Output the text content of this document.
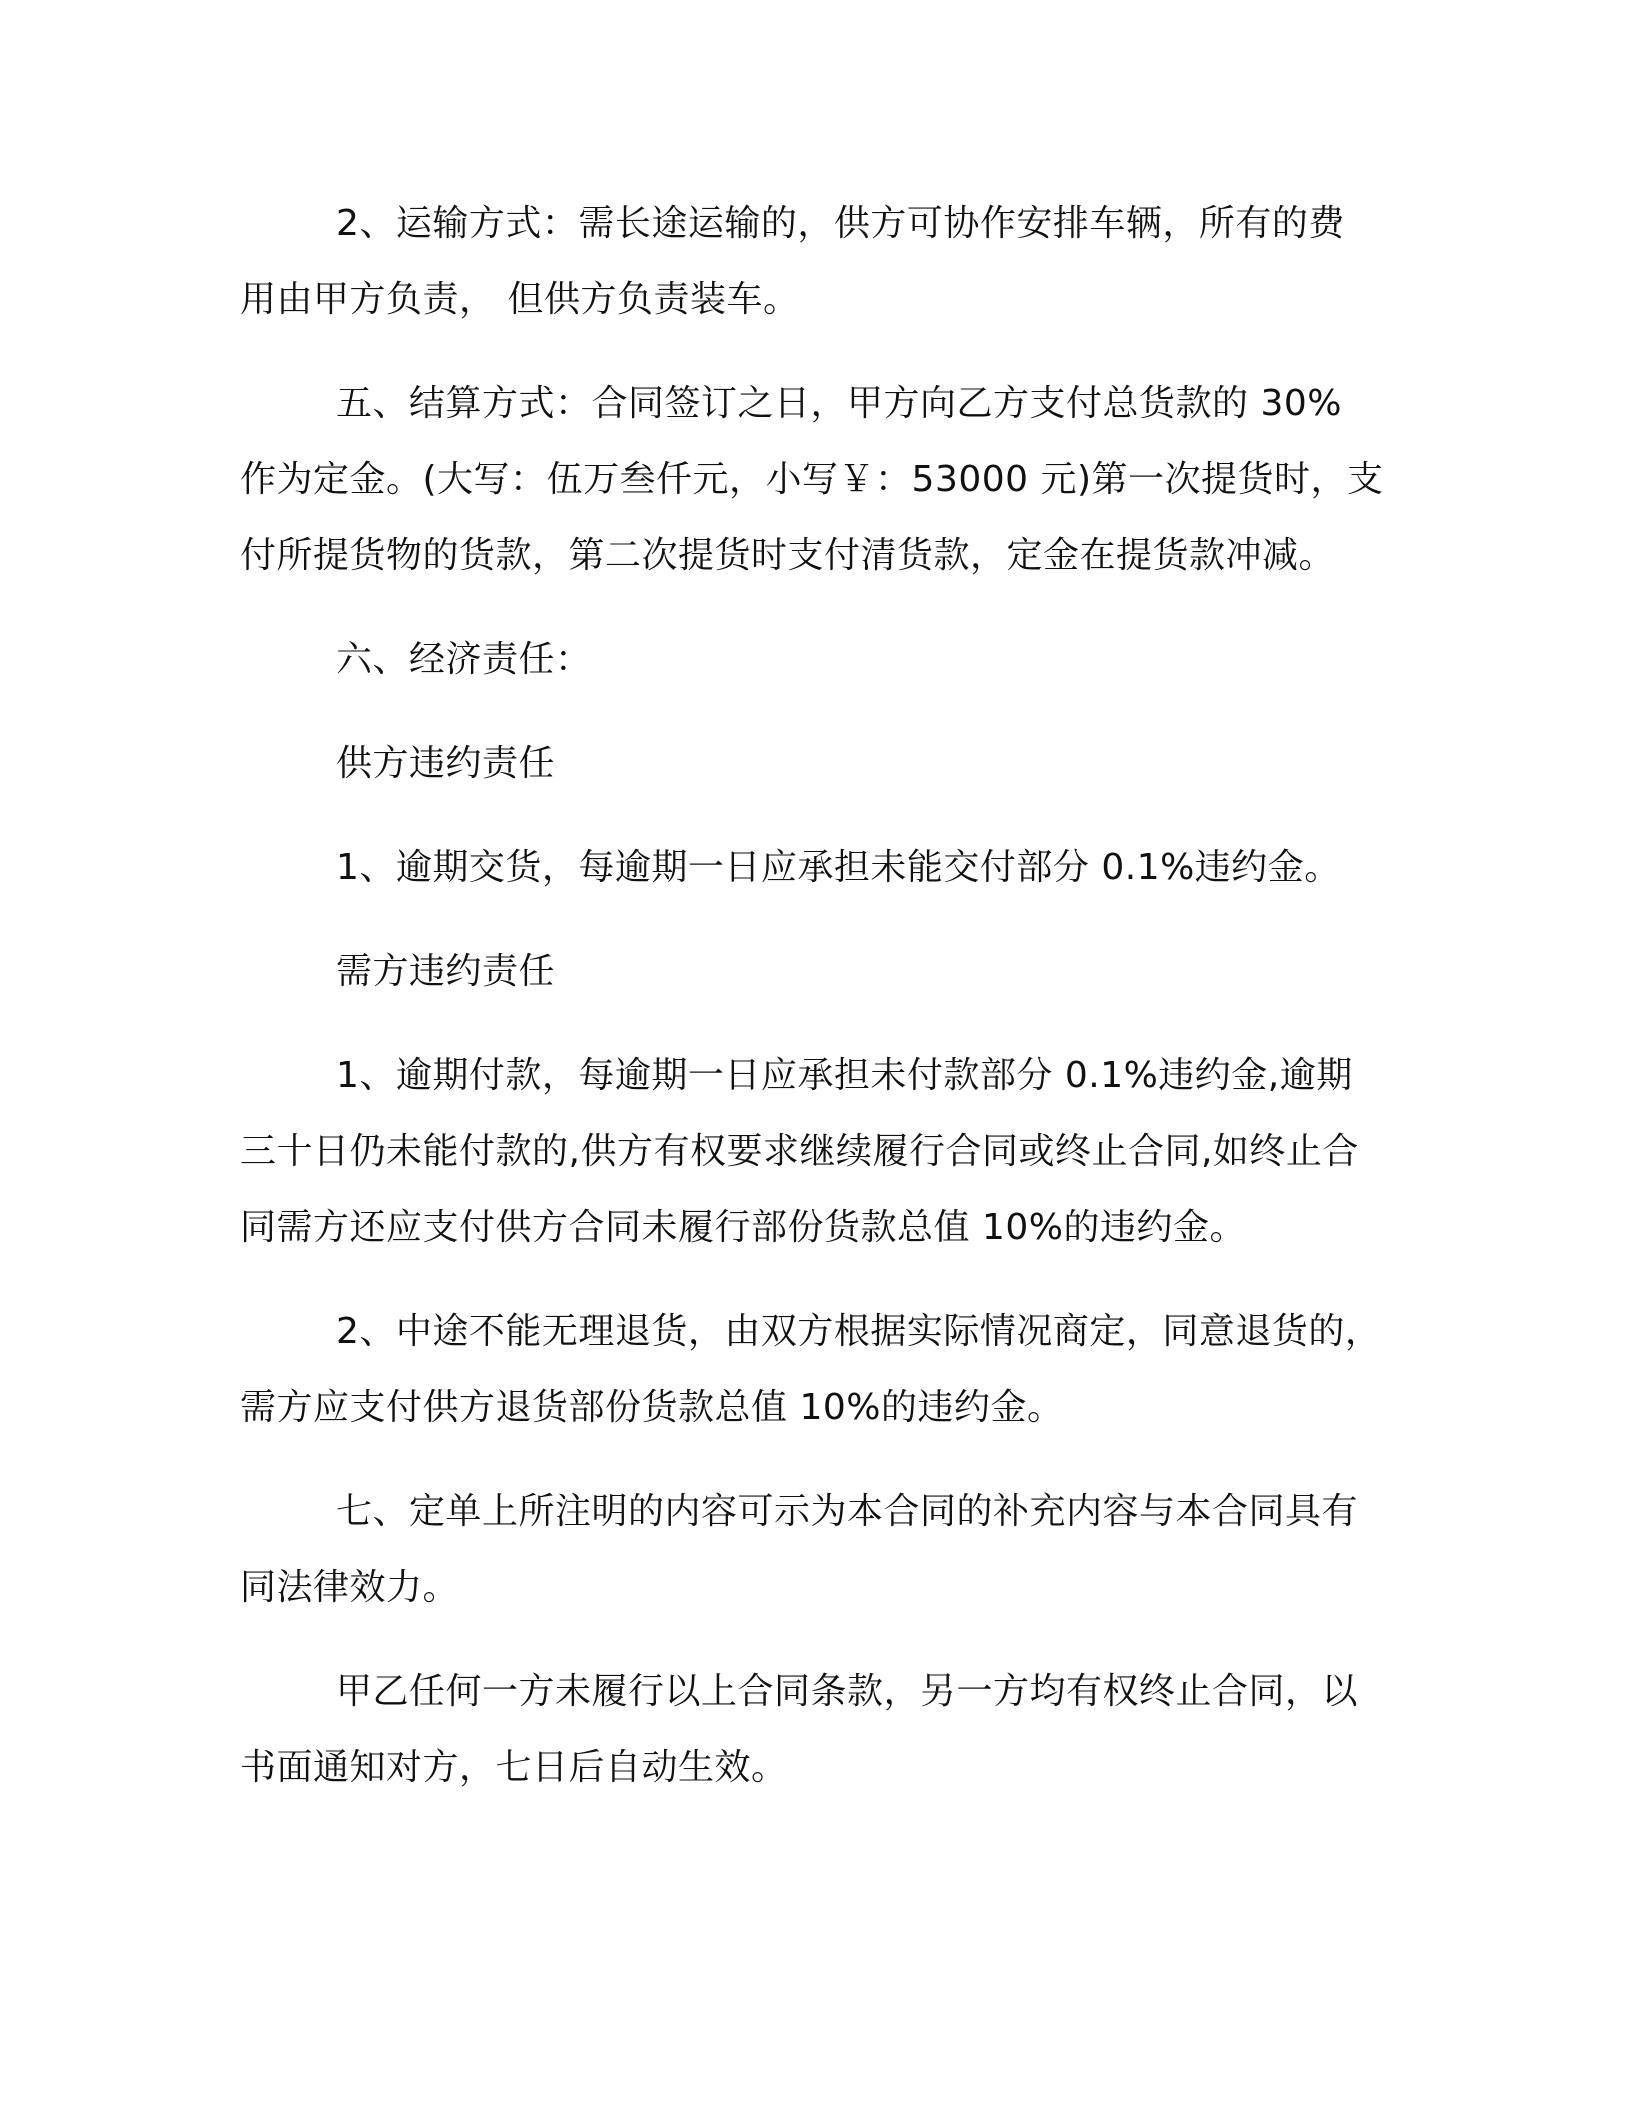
2、运输方式：需长途运输的，供方可协作安排车辆，所有的费
用由甲方负责， 但供方负责装车。
五、结算方式：合同签订之日，甲方向乙方支付总货款的 30%
作为定金。(大写：伍万叁仟元，小写￥：53000 元)第一次提货时，支
付所提货物的货款，第二次提货时支付清货款，定金在提货款冲减。
六、经济责任：
供方违约责任
1、逾期交货，每逾期一日应承担未能交付部分 0.1%违约金。
需方违约责任
1、逾期付款，每逾期一日应承担未付款部分 0.1%违约金,逾期
三十日仍未能付款的,供方有权要求继续履行合同或终止合同,如终止合
同需方还应支付供方合同未履行部份货款总值 10%的违约金。
2、中途不能无理退货，由双方根据实际情况商定，同意退货的，
需方应支付供方退货部份货款总值 10%的违约金。
七、定单上所注明的内容可示为本合同的补充内容与本合同具有
同法律效力。
甲乙任何一方未履行以上合同条款，另一方均有权终止合同，以
书面通知对方，七日后自动生效。
